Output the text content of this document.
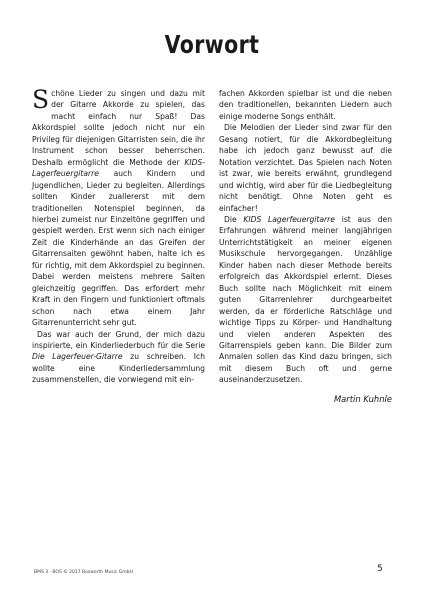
Vorwort

Schöne Lieder zu singen und dazu mit der Gitarre Akkorde zu spielen, das macht einfach nur Spaß! Das Akkordspiel sollte jedoch nicht nur ein Privileg für diejenigen Gitarristen sein, die ihr Instrument schon besser beherrschen. Deshalb ermöglicht die Methode der KIDS-Lagerfeuergitarre auch Kindern und Jugendlichen, Lieder zu begleiten. Allerdings sollten Kinder zuallererst mit dem traditionellen Notenspiel beginnen, da hierbei zumeist nur Einzeltöne gegriffen und gespielt werden. Erst wenn sich nach einiger Zeit die Kinderhände an das Greifen der Gitarrensaiten gewöhnt haben, halte ich es für richtig, mit dem Akkordspiel zu beginnen. Dabei werden meistens mehrere Saiten gleichzeitig gegriffen. Das erfordert mehr Kraft in den Fingern und funktioniert oftmals schon nach etwa einem Jahr Gitarrenunterricht sehr gut.

Das war auch der Grund, der mich dazu inspirierte, ein Kinderliederbuch für die Serie Die Lagerfeuer-Gitarre zu schreiben. Ich wollte eine Kinderliedersammlung zusammenstellen, die vorwiegend mit ein-

fachen Akkorden spielbar ist und die neben den traditionellen, bekannten Liedern auch einige moderne Songs enthält.

Die Melodien der Lieder sind zwar für den Gesang notiert, für die Akkordbegleitung habe ich jedoch ganz bewusst auf die Notation verzichtet. Das Spielen nach Noten ist zwar, wie bereits erwähnt, grundlegend und wichtig, wird aber für die Liedbegleitung nicht benötigt. Ohne Noten geht es einfacher!

Die KIDS Lagerfeuergitarre ist aus den Erfahrungen während meiner langjährigen Unterrichtstätigkeit an meiner eigenen Musikschule hervorgegangen. Unzählige Kinder haben nach dieser Methode bereits erfolgreich das Akkordspiel erlernt. Dieses Buch sollte nach Möglichkeit mit einem guten Gitarrenlehrer durchgearbeitet werden, da er förderliche Ratschläge und wichtige Tipps zu Körper- und Handhaltung und vielen anderen Aspekten des Gitarrenspiels geben kann. Die Bilder zum Anmalen sollen das Kind dazu bringen, sich mit diesem Buch oft und gerne auseinanderzusetzen.

Martin Kuhnle
BMS 3 · BOS © 2017 Bosworth Music GmbH	5
